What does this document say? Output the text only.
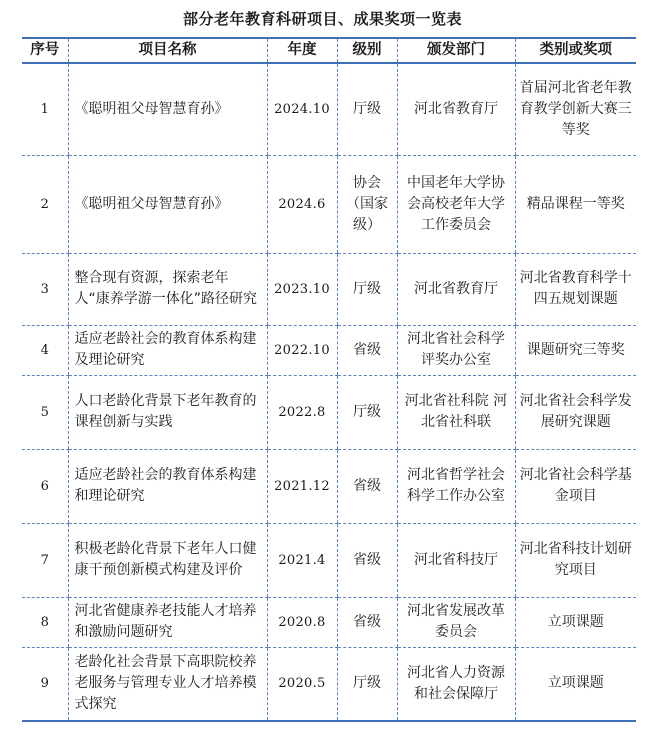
部分老年教育科研项目、成果奖项一览表
序号	项目名称	年度	级别	颁发部门	类别或奖项
1	《聪明祖父母智慧育孙》	2024.10	厅级	河北省教育厅	首届河北省老年教育教学创新大赛三等奖
2	《聪明祖父母智慧育孙》	2024.6	协会（国家级）	中国老年大学协会高校老年大学工作委员会	精品课程一等奖
3	整合现有资源，探索老年人“康养学游一体化”路径研究	2023.10	厅级	河北省教育厅	河北省教育科学十四五规划课题
4	适应老龄社会的教育体系构建及理论研究	2022.10	省级	河北省社会科学评奖办公室	课题研究三等奖
5	人口老龄化背景下老年教育的课程创新与实践	2022.8	厅级	河北省社科院 河北省社科联	河北省社会科学发展研究课题
6	适应老龄社会的教育体系构建和理论研究	2021.12	省级	河北省哲学社会科学工作办公室	河北省社会科学基金项目
7	积极老龄化背景下老年人口健康干预创新模式构建及评价	2021.4	省级	河北省科技厅	河北省科技计划研究项目
8	河北省健康养老技能人才培养和激励问题研究	2020.8	省级	河北省发展改革委员会	立项课题
9	老龄化社会背景下高职院校养老服务与管理专业人才培养模式探究	2020.5	厅级	河北省人力资源和社会保障厅	立项课题
